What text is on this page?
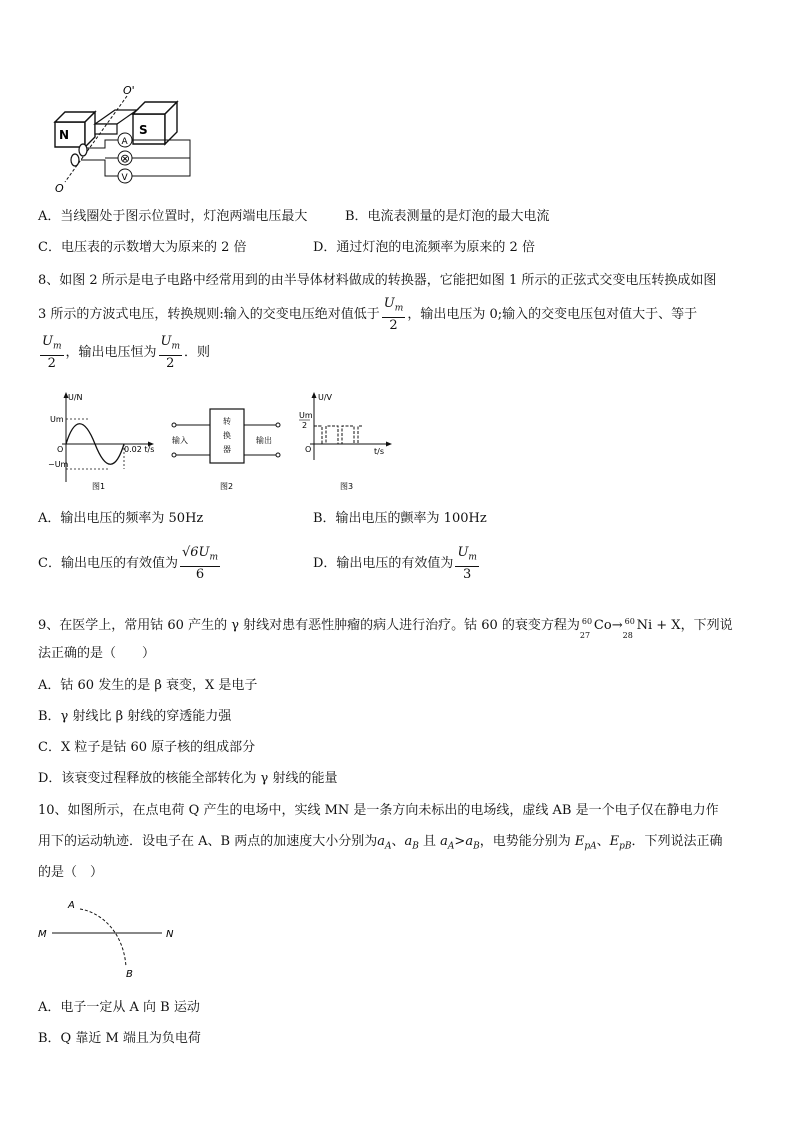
N	S
O'
O
A
⊗
V
A．当线圈处于图示位置时，灯泡两端电压最大	B．电流表测量的是灯泡的最大电流
C．电压表的示数增大为原来的 2 倍	D．通过灯泡的电流频率为原来的 2 倍
8、如图 2 所示是电子电路中经常用到的由半导体材料做成的转换器，它能把如图 1 所示的正弦式交变电压转换成如图
3 所示的方波式电压，转换规则:输入的交变电压绝对值低于 $\frac{U_m}{2}$ ，输出电压为 0;输入的交变电压包对值大于、等于
$\frac{U_m}{2}$ ，输出电压恒为 $\frac{U_m}{2}$ ．则
U/N
Um
−Um
O	0.02 t/s
图1
输入	输出
转
换
器
图2
U/V
Um
2
O	t/s
图3
A．输出电压的频率为 50Hz	B．输出电压的颤率为 100Hz
C．输出电压的有效值为 $\frac{√6U_m}{6}$	D．输出电压的有效值为 $\frac{U_m}{3}$
9、在医学上，常用钴 60 产生的 γ 射线对患有恶性肿瘤的病人进行治疗。钴 60 的衰变方程为 60
27
Co→ 60
28
Ni + X，下列说
法正确的是（　　）
A．钴 60 发生的是 β 衰变，X 是电子
B．γ 射线比 β 射线的穿透能力强
C．X 粒子是钴 60 原子核的组成部分
D．该衰变过程释放的核能全部转化为 γ 射线的能量
10、如图所示，在点电荷 Q 产生的电场中，实线 MN 是一条方向未标出的电场线，虚线 AB 是一个电子仅在静电力作
用下的运动轨迹．设电子在 A、B 两点的加速度大小分别为$a_A$、$a_B$ 且 $a_A>a_B$，电势能分别为 $E_{pA}$、$E_{pB}$．下列说法正确
的是（　）
M	N
A
B
A．电子一定从 A 向 B 运动
B．Q 靠近 M 端且为负电荷
